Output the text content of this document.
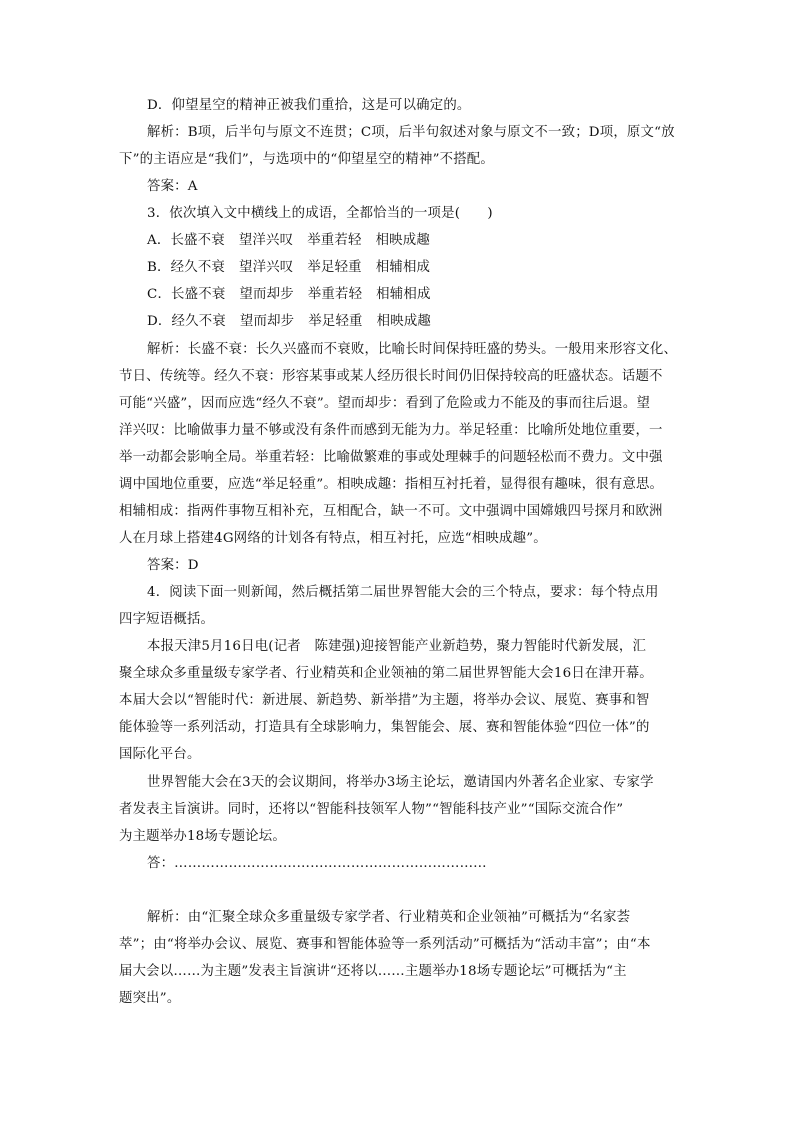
D．仰望星空的精神正被我们重拾，这是可以确定的。
解析：B项，后半句与原文不连贯；C项，后半句叙述对象与原文不一致；D项，原文“放
下”的主语应是“我们”，与选项中的“仰望星空的精神”不搭配。
答案：A
3．依次填入文中横线上的成语，全都恰当的一项是(　　)
A．长盛不衰 望洋兴叹 举重若轻 相映成趣
B．经久不衰 望洋兴叹 举足轻重 相辅相成
C．长盛不衰 望而却步 举重若轻 相辅相成
D．经久不衰 望而却步 举足轻重 相映成趣
解析：长盛不衰：长久兴盛而不衰败，比喻长时间保持旺盛的势头。一般用来形容文化、
节日、传统等。经久不衰：形容某事或某人经历很长时间仍旧保持较高的旺盛状态。话题不
可能“兴盛”，因而应选“经久不衰”。望而却步：看到了危险或力不能及的事而往后退。望
洋兴叹：比喻做事力量不够或没有条件而感到无能为力。举足轻重：比喻所处地位重要，一
举一动都会影响全局。举重若轻：比喻做繁难的事或处理棘手的问题轻松而不费力。文中强
调中国地位重要，应选“举足轻重”。相映成趣：指相互衬托着，显得很有趣味，很有意思。
相辅相成：指两件事物互相补充，互相配合，缺一不可。文中强调中国嫦娥四号探月和欧洲
人在月球上搭建4G网络的计划各有特点，相互衬托，应选“相映成趣”。
答案：D
4．阅读下面一则新闻，然后概括第二届世界智能大会的三个特点，要求：每个特点用
四字短语概括。
本报天津5月16日电(记者　陈建强)迎接智能产业新趋势，聚力智能时代新发展，汇
聚全球众多重量级专家学者、行业精英和企业领袖的第二届世界智能大会16日在津开幕。
本届大会以“智能时代：新进展、新趋势、新举措”为主题，将举办会议、展览、赛事和智
能体验等一系列活动，打造具有全球影响力，集智能会、展、赛和智能体验“四位一体”的
国际化平台。
世界智能大会在3天的会议期间，将举办3场主论坛，邀请国内外著名企业家、专家学
者发表主旨演讲。同时，还将以“智能科技领军人物”“智能科技产业”“国际交流合作”
为主题举办18场专题论坛。
答：……………………………………………………………
解析：由“汇聚全球众多重量级专家学者、行业精英和企业领袖”可概括为“名家荟
萃”；由“将举办会议、展览、赛事和智能体验等一系列活动”可概括为“活动丰富”；由“本
届大会以……为主题”发表主旨演讲“还将以……主题举办18场专题论坛”可概括为“主
题突出”。
